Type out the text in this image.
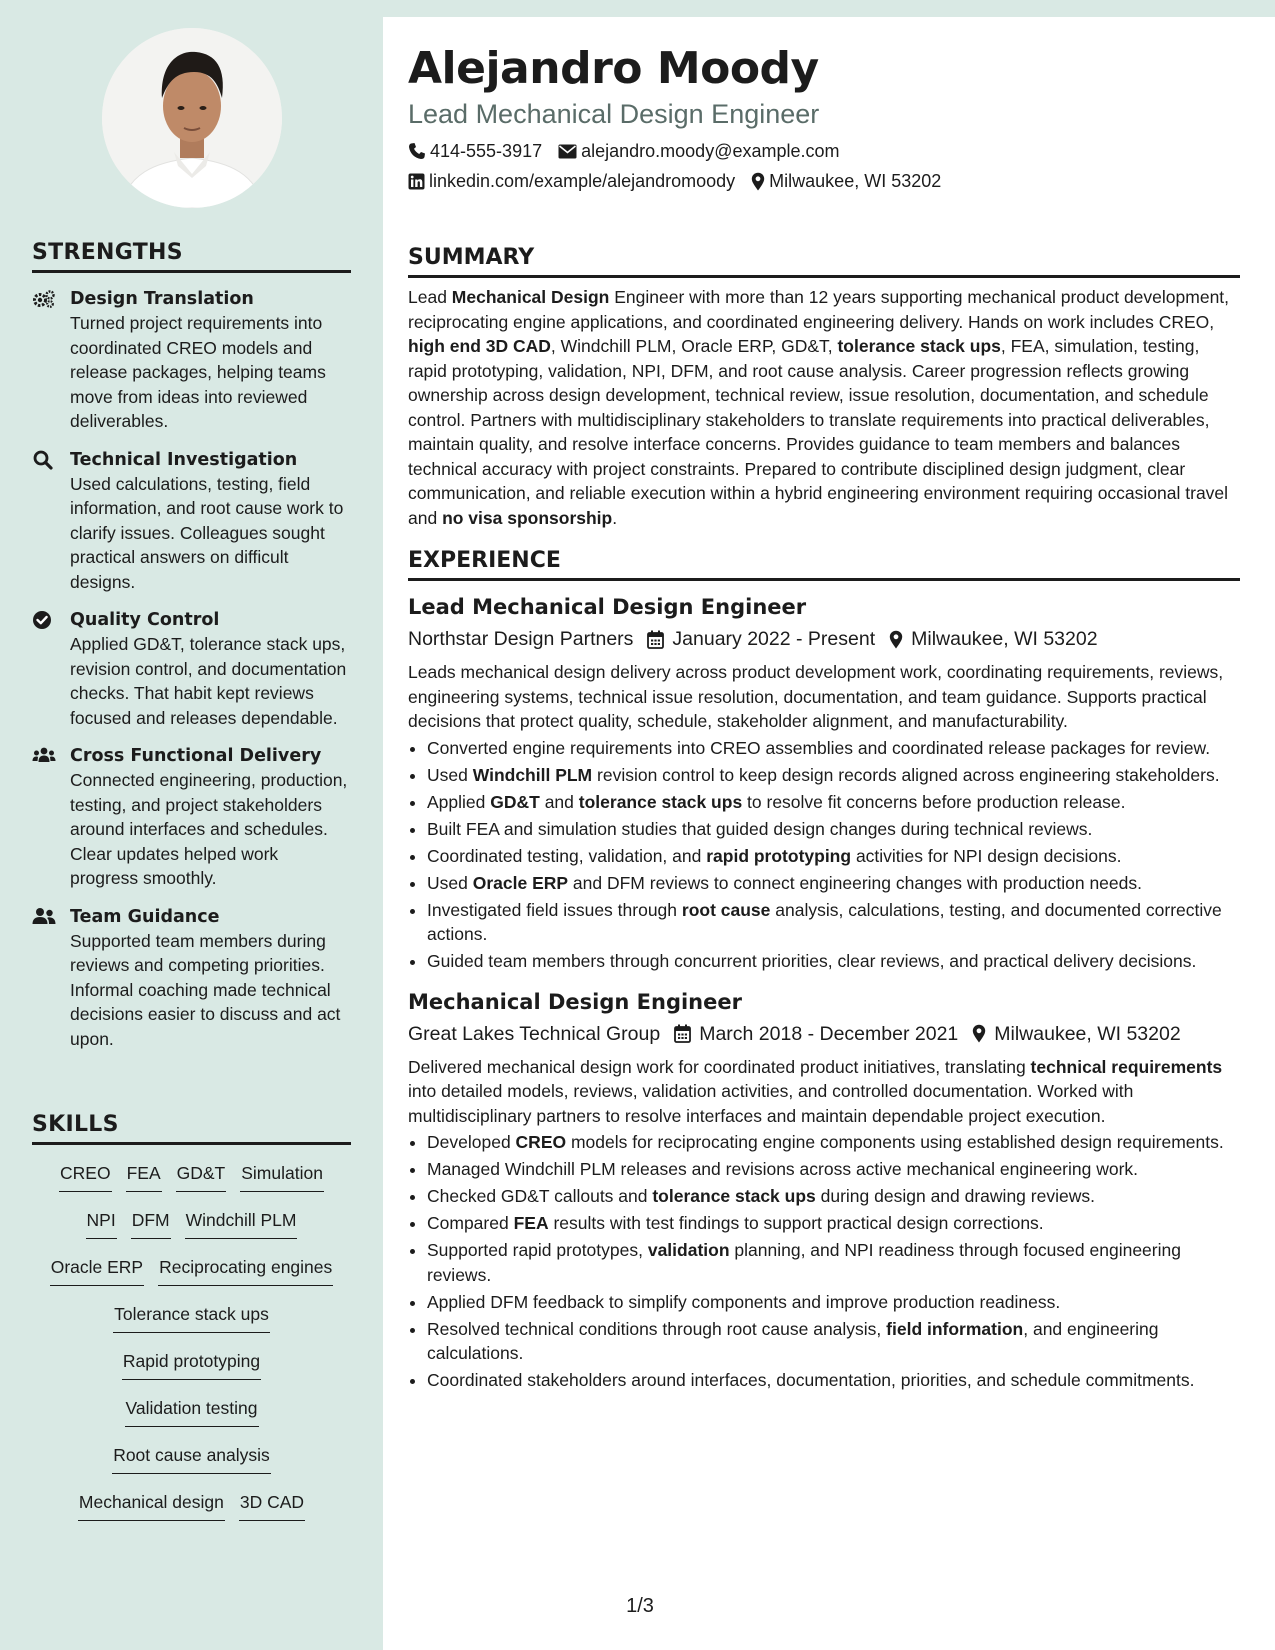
STRENGTHS
Design Translation
Turned project requirements into coordinated CREO models and release packages, helping teams move from ideas into reviewed deliverables.
Technical Investigation
Used calculations, testing, field information, and root cause work to clarify issues. Colleagues sought practical answers on difficult designs.
Quality Control
Applied GD&T, tolerance stack ups, revision control, and documentation checks. That habit kept reviews focused and releases dependable.
Cross Functional Delivery
Connected engineering, production, testing, and project stakeholders around interfaces and schedules. Clear updates helped work progress smoothly.
Team Guidance
Supported team members during reviews and competing priorities. Informal coaching made technical decisions easier to discuss and act upon.
SKILLS
CREO FEA GD&T Simulation
NPI DFM Windchill PLM
Oracle ERP Reciprocating engines
Tolerance stack ups
Rapid prototyping
Validation testing
Root cause analysis
Mechanical design 3D CAD
Alejandro Moody
Lead Mechanical Design Engineer
414-555-3917 alejandro.moody@example.com
linkedin.com/example/alejandromoody Milwaukee, WI 53202
SUMMARY
Lead Mechanical Design Engineer with more than 12 years supporting mechanical product development, reciprocating engine applications, and coordinated engineering delivery. Hands on work includes CREO, high end 3D CAD, Windchill PLM, Oracle ERP, GD&T, tolerance stack ups, FEA, simulation, testing, rapid prototyping, validation, NPI, DFM, and root cause analysis. Career progression reflects growing ownership across design development, technical review, issue resolution, documentation, and schedule control. Partners with multidisciplinary stakeholders to translate requirements into practical deliverables, maintain quality, and resolve interface concerns. Provides guidance to team members and balances technical accuracy with project constraints. Prepared to contribute disciplined design judgment, clear communication, and reliable execution within a hybrid engineering environment requiring occasional travel and no visa sponsorship.
EXPERIENCE
Lead Mechanical Design Engineer
Northstar Design Partners January 2022 - Present Milwaukee, WI 53202
Leads mechanical design delivery across product development work, coordinating requirements, reviews, engineering systems, technical issue resolution, documentation, and team guidance. Supports practical decisions that protect quality, schedule, stakeholder alignment, and manufacturability.
• Converted engine requirements into CREO assemblies and coordinated release packages for review.
• Used Windchill PLM revision control to keep design records aligned across engineering stakeholders.
• Applied GD&T and tolerance stack ups to resolve fit concerns before production release.
• Built FEA and simulation studies that guided design changes during technical reviews.
• Coordinated testing, validation, and rapid prototyping activities for NPI design decisions.
• Used Oracle ERP and DFM reviews to connect engineering changes with production needs.
• Investigated field issues through root cause analysis, calculations, testing, and documented corrective actions.
• Guided team members through concurrent priorities, clear reviews, and practical delivery decisions.
Mechanical Design Engineer
Great Lakes Technical Group March 2018 - December 2021 Milwaukee, WI 53202
Delivered mechanical design work for coordinated product initiatives, translating technical requirements into detailed models, reviews, validation activities, and controlled documentation. Worked with multidisciplinary partners to resolve interfaces and maintain dependable project execution.
• Developed CREO models for reciprocating engine components using established design requirements.
• Managed Windchill PLM releases and revisions across active mechanical engineering work.
• Checked GD&T callouts and tolerance stack ups during design and drawing reviews.
• Compared FEA results with test findings to support practical design corrections.
• Supported rapid prototypes, validation planning, and NPI readiness through focused engineering reviews.
• Applied DFM feedback to simplify components and improve production readiness.
• Resolved technical conditions through root cause analysis, field information, and engineering calculations.
• Coordinated stakeholders around interfaces, documentation, priorities, and schedule commitments.
1/3
